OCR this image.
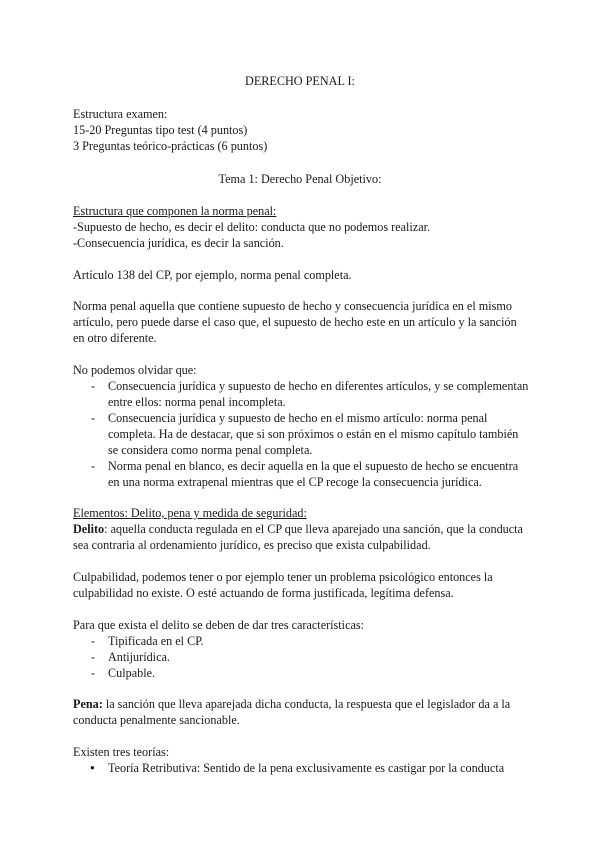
DERECHO PENAL I:

Estructura examen:

15-20 Preguntas tipo test (4 puntos)

3 Preguntas teórico-prácticas (6 puntos)

Tema 1: Derecho Penal Objetivo:

Estructura que componen la norma penal:

-Supuesto de hecho, es decir el delito: conducta que no podemos realizar.

-Consecuencia jurídica, es decir la sanción.

Artículo 138 del CP, por ejemplo, norma penal completa.

Norma penal aquella que contiene supuesto de hecho y consecuencia jurídica en el mismo artículo, pero puede darse el caso que, el supuesto de hecho este en un artículo y la sanción en otro diferente.

No podemos olvidar que:

- Consecuencia jurídica y supuesto de hecho en diferentes artículos, y se complementan entre ellos: norma penal incompleta.
- Consecuencia jurídica y supuesto de hecho en el mismo artículo: norma penal completa. Ha de destacar, que si son próximos o están en el mismo capítulo también se considera como norma penal completa.
- Norma penal en blanco, es decir aquella en la que el supuesto de hecho se encuentra en una norma extrapenal mientras que el CP recoge la consecuencia jurídica.

Elementos: Delito, pena y medida de seguridad:

Delito: aquella conducta regulada en el CP que lleva aparejado una sanción, que la conducta sea contraria al ordenamiento jurídico, es preciso que exista culpabilidad.

Culpabilidad, podemos tener o por ejemplo tener un problema psicológico entonces la culpabilidad no existe. O esté actuando de forma justificada, legítima defensa.

Para que exista el delito se deben de dar tres características:

- Tipificada en el CP.
- Antijurídica.
- Culpable.

Pena: la sanción que lleva aparejada dicha conducta, la respuesta que el legislador da a la conducta penalmente sancionable.

Existen tres teorías:

● Teoría Retributiva: Sentido de la pena exclusivamente es castigar por la conducta
